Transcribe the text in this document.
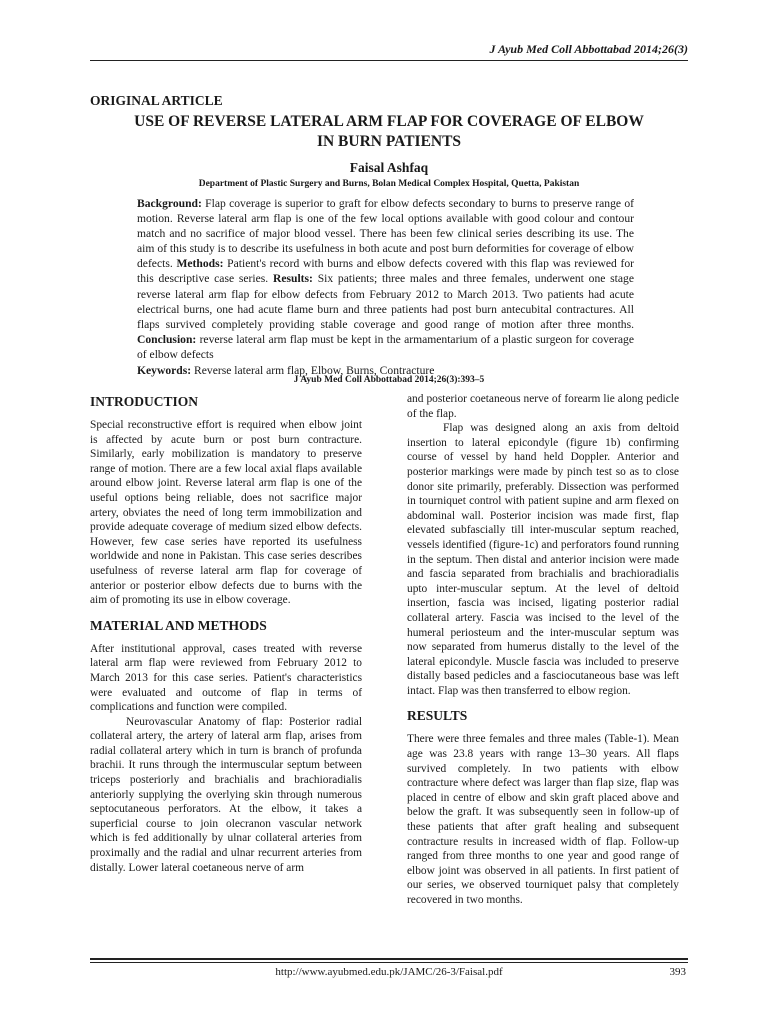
J Ayub Med Coll Abbottabad 2014;26(3)
ORIGINAL ARTICLE
USE OF REVERSE LATERAL ARM FLAP FOR COVERAGE OF ELBOW
IN BURN PATIENTS
Faisal Ashfaq
Department of Plastic Surgery and Burns, Bolan Medical Complex Hospital, Quetta, Pakistan
Background: Flap coverage is superior to graft for elbow defects secondary to burns to preserve range of motion. Reverse lateral arm flap is one of the few local options available with good colour and contour match and no sacrifice of major blood vessel. There has been few clinical series describing its use. The aim of this study is to describe its usefulness in both acute and post burn deformities for coverage of elbow defects. Methods: Patient's record with burns and elbow defects covered with this flap was reviewed for this descriptive case series. Results: Six patients; three males and three females, underwent one stage reverse lateral arm flap for elbow defects from February 2012 to March 2013. Two patients had acute electrical burns, one had acute flame burn and three patients had post burn antecubital contractures. All flaps survived completely providing stable coverage and good range of motion after three months. Conclusion: reverse lateral arm flap must be kept in the armamentarium of a plastic surgeon for coverage of elbow defects
Keywords: Reverse lateral arm flap, Elbow, Burns, Contracture
J Ayub Med Coll Abbottabad 2014;26(3):393–5
INTRODUCTION

Special reconstructive effort is required when elbow joint is affected by acute burn or post burn contracture. Similarly, early mobilization is mandatory to preserve range of motion. There are a few local axial flaps available around elbow joint. Reverse lateral arm flap is one of the useful options being reliable, does not sacrifice major artery, obviates the need of long term immobilization and provide adequate coverage of medium sized elbow defects. However, few case series have reported its usefulness worldwide and none in Pakistan. This case series describes usefulness of reverse lateral arm flap for coverage of anterior or posterior elbow defects due to burns with the aim of promoting its use in elbow coverage.

MATERIAL AND METHODS

After institutional approval, cases treated with reverse lateral arm flap were reviewed from February 2012 to March 2013 for this case series. Patient's characteristics were evaluated and outcome of flap in terms of complications and function were compiled.

Neurovascular Anatomy of flap: Posterior radial collateral artery, the artery of lateral arm flap, arises from radial collateral artery which in turn is branch of profunda brachii. It runs through the intermuscular septum between triceps posteriorly and brachialis and brachioradialis anteriorly supplying the overlying skin through numerous septocutaneous perforators. At the elbow, it takes a superficial course to join olecranon vascular network which is fed additionally by ulnar collateral arteries from proximally and the radial and ulnar recurrent arteries from distally. Lower lateral coetaneous nerve of arm

and posterior coetaneous nerve of forearm lie along pedicle of the flap.

Flap was designed along an axis from deltoid insertion to lateral epicondyle (figure 1b) confirming course of vessel by hand held Doppler. Anterior and posterior markings were made by pinch test so as to close donor site primarily, preferably. Dissection was performed in tourniquet control with patient supine and arm flexed on abdominal wall. Posterior incision was made first, flap elevated subfascially till inter-muscular septum reached, vessels identified (figure-1c) and perforators found running in the septum. Then distal and anterior incision were made and fascia separated from brachialis and brachioradialis upto inter-muscular septum. At the level of deltoid insertion, fascia was incised, ligating posterior radial collateral artery. Fascia was incised to the level of the humeral periosteum and the inter-muscular septum was now separated from humerus distally to the level of the lateral epicondyle. Muscle fascia was included to preserve distally based pedicles and a fasciocutaneous base was left intact. Flap was then transferred to elbow region.

RESULTS

There were three females and three males (Table-1). Mean age was 23.8 years with range 13–30 years. All flaps survived completely. In two patients with elbow contracture where defect was larger than flap size, flap was placed in centre of elbow and skin graft placed above and below the graft. It was subsequently seen in follow-up of these patients that after graft healing and subsequent contracture results in increased width of flap. Follow-up ranged from three months to one year and good range of elbow joint was observed in all patients. In first patient of our series, we observed tourniquet palsy that completely recovered in two months.

http://www.ayubmed.edu.pk/JAMC/26-3/Faisal.pdf	393
